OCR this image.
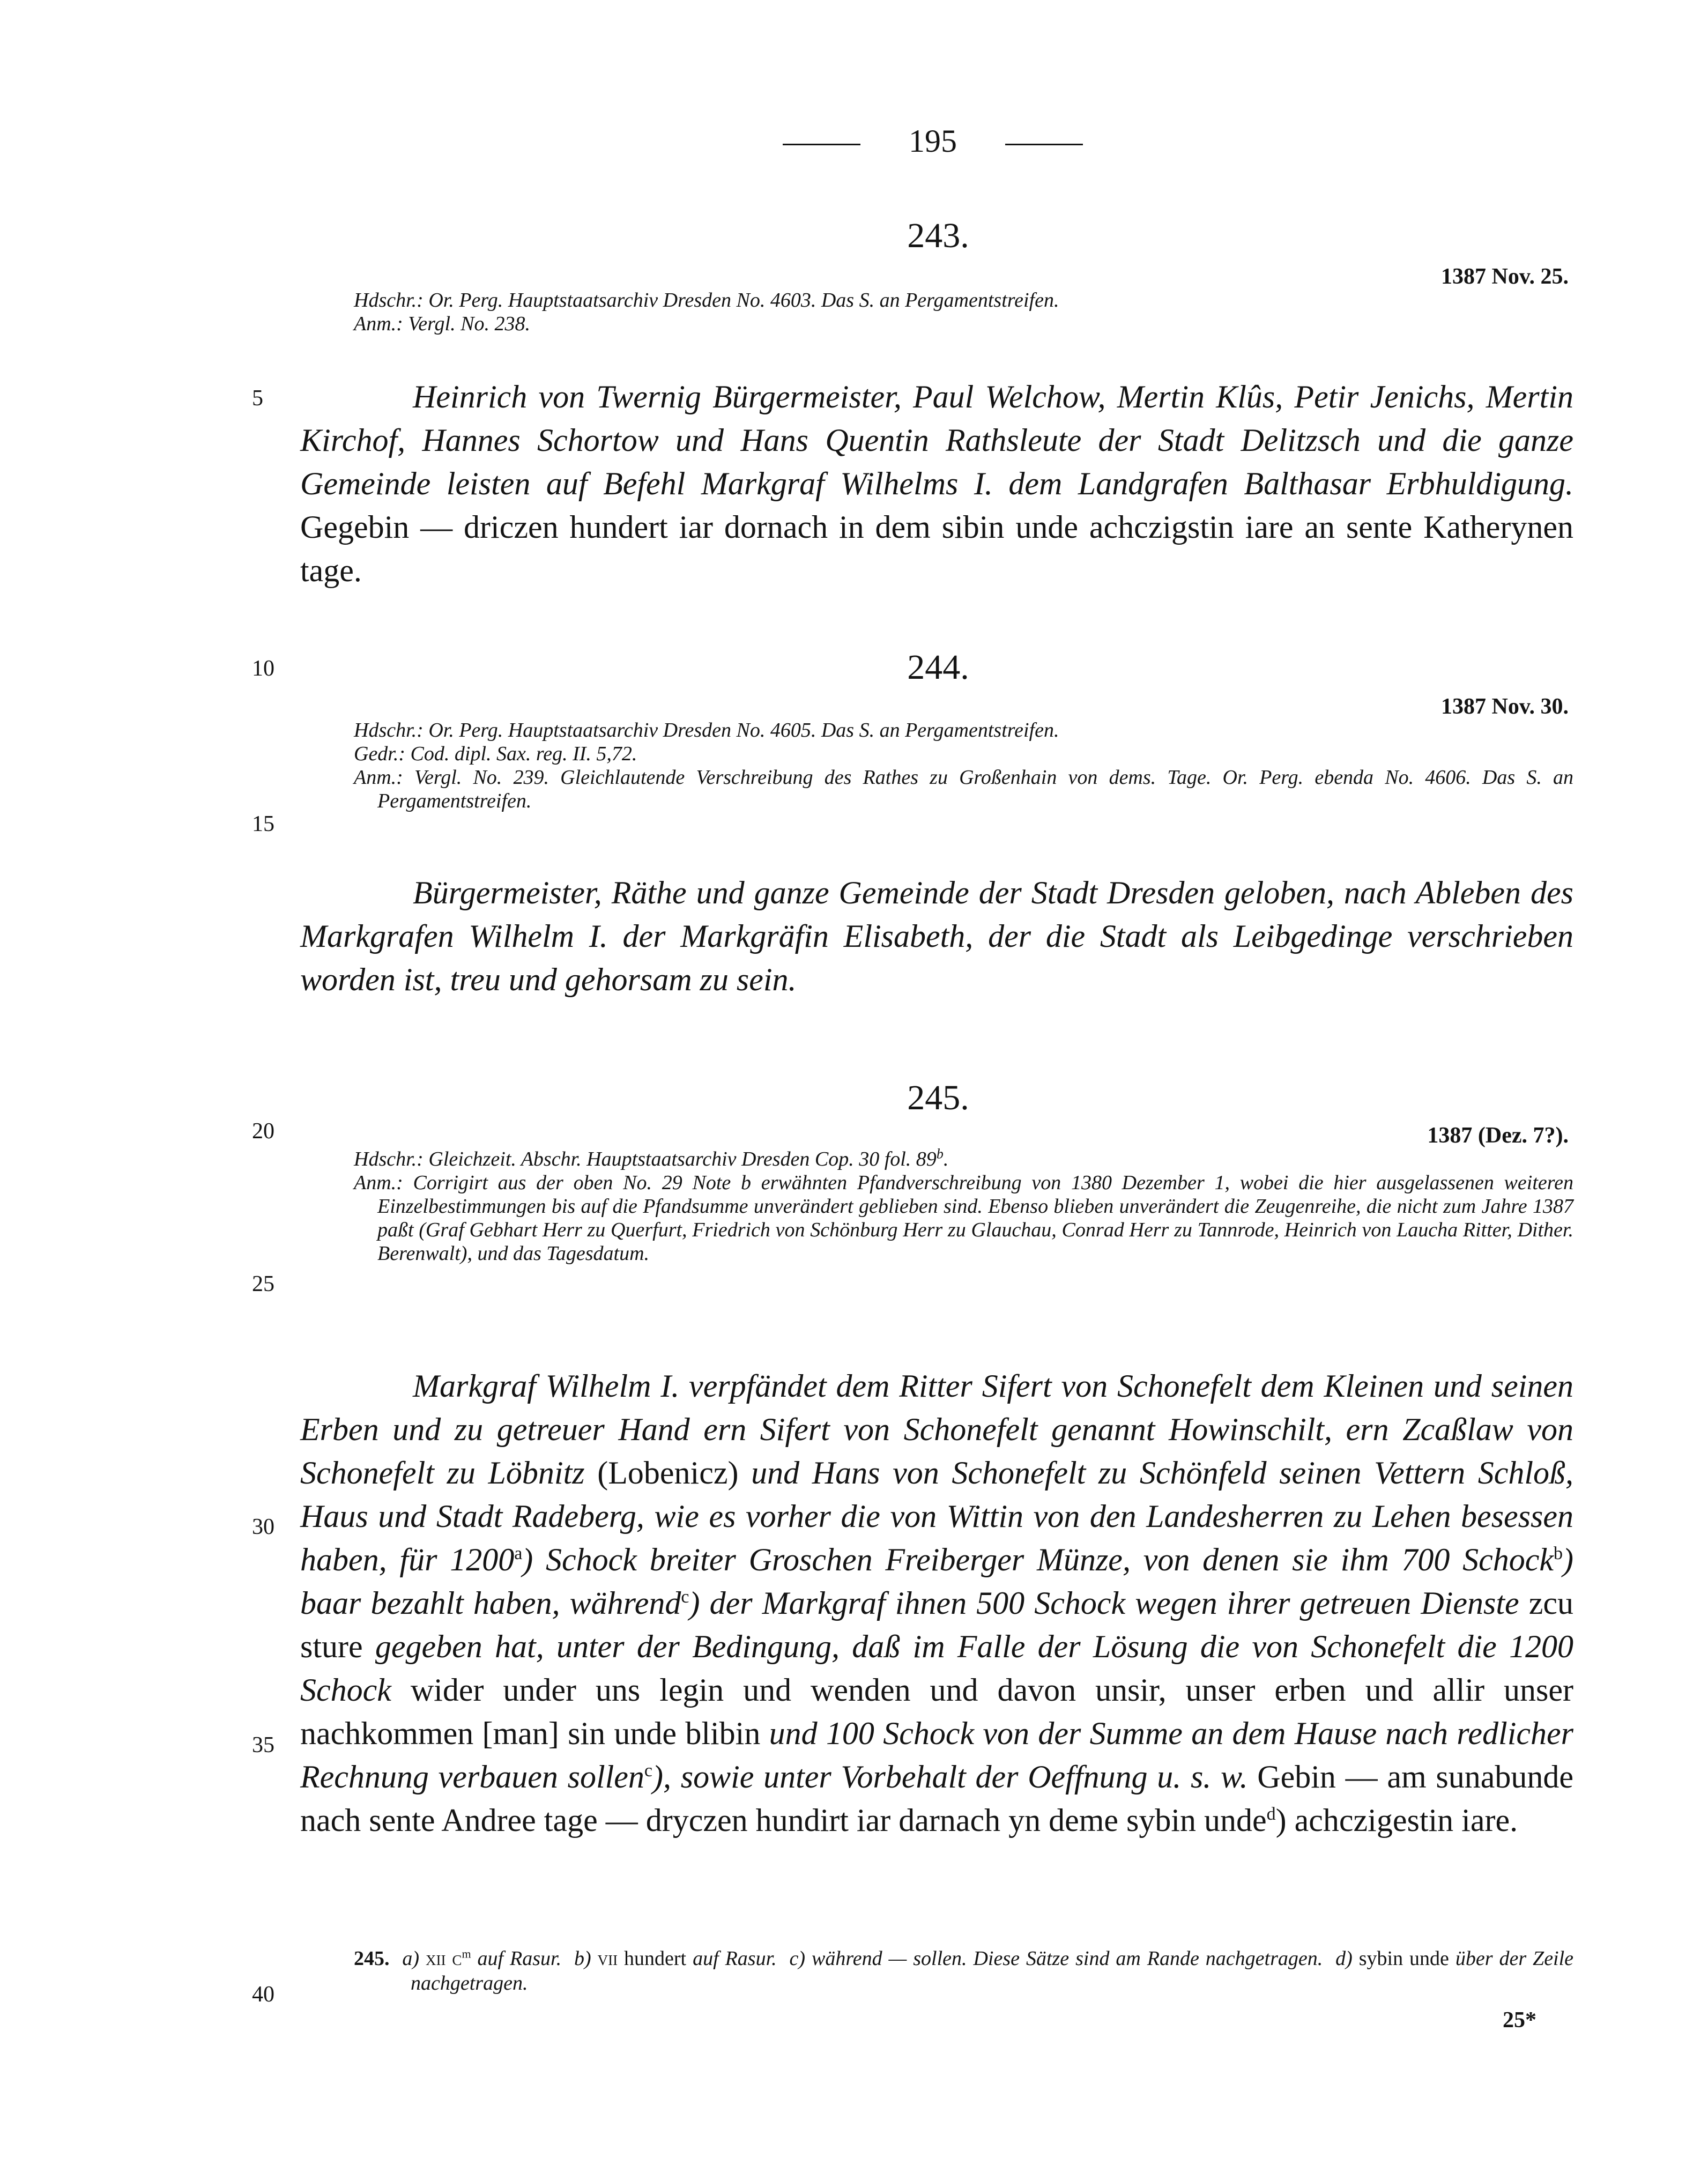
195
5
10
15
20
25
30
35
40
243.
1387 Nov. 25.

Hdschr.: Or. Perg. Hauptstaatsarchiv Dresden No. 4603. Das S. an Pergamentstreifen.

Anm.: Vergl. No. 238.

Heinrich von Twernig Bürgermeister, Paul Welchow, Mertin Klûs, Petir Jenichs, Mertin Kirchof, Hannes Schortow und Hans Quentin Rathsleute der Stadt Delitzsch und die ganze Gemeinde leisten auf Befehl Markgraf Wilhelms I. dem Landgrafen Balthasar Erbhuldigung. Gegebin — driczen hundert iar dornach in dem sibin unde achczigstin iare an sente Katherynen tage.

244.
1387 Nov. 30.

Hdschr.: Or. Perg. Hauptstaatsarchiv Dresden No. 4605. Das S. an Pergamentstreifen.

Gedr.: Cod. dipl. Sax. reg. II. 5,72.

Anm.: Vergl. No. 239. Gleichlautende Verschreibung des Rathes zu Großenhain von dems. Tage. Or. Perg. ebenda No. 4606. Das S. an Pergamentstreifen.

Bürgermeister, Räthe und ganze Gemeinde der Stadt Dresden geloben, nach Ableben des Markgrafen Wilhelm I. der Markgräfin Elisabeth, der die Stadt als Leibgedinge verschrieben worden ist, treu und gehorsam zu sein.

245.
1387 (Dez. 7?).

Hdschr.: Gleichzeit. Abschr. Hauptstaatsarchiv Dresden Cop. 30 fol. 89$^b$.

Anm.: Corrigirt aus der oben No. 29 Note b erwähnten Pfandverschreibung von 1380 Dezember 1, wobei die hier ausgelassenen weiteren Einzelbestimmungen bis auf die Pfandsumme unverändert geblieben sind. Ebenso blieben unverändert die Zeugenreihe, die nicht zum Jahre 1387 paßt (Graf Gebhart Herr zu Querfurt, Friedrich von Schönburg Herr zu Glauchau, Conrad Herr zu Tannrode, Heinrich von Laucha Ritter, Dither. Berenwalt), und das Tagesdatum.

Markgraf Wilhelm I. verpfändet dem Ritter Sifert von Schonefelt dem Kleinen und seinen Erben und zu getreuer Hand ern Sifert von Schonefelt genannt Howinschilt, ern Zcaßlaw von Schonefelt zu Löbnitz (Lobenicz) und Hans von Schonefelt zu Schönfeld seinen Vettern Schloß, Haus und Stadt Radeberg, wie es vorher die von Wittin von den Landesherren zu Lehen besessen haben, für 1200$^a$) Schock breiter Groschen Freiberger Münze, von denen sie ihm 700 Schock$^b$) baar bezahlt haben, während$^c$) der Markgraf ihnen 500 Schock wegen ihrer getreuen Dienste zcu sture gegeben hat, unter der Bedingung, daß im Falle der Lösung die von Schonefelt die 1200 Schock wider under uns legin und wenden und davon unsir, unser erben und allir unser nachkommen [man] sin unde blibin und 100 Schock von der Summe an dem Hause nach redlicher Rechnung verbauen sollen$^c$), sowie unter Vorbehalt der Oeffnung u. s. w. Gebin — am sunabunde nach sente Andree tage — dryczen hundirt iar darnach yn deme sybin unde$^d$) achczigestin iare.

245. a) xii $c^m$ auf Rasur. b) vii hundert auf Rasur. c) während — sollen. Diese Sätze sind am Rande nachgetragen. d) sybin unde über der Zeile nachgetragen.

25*
